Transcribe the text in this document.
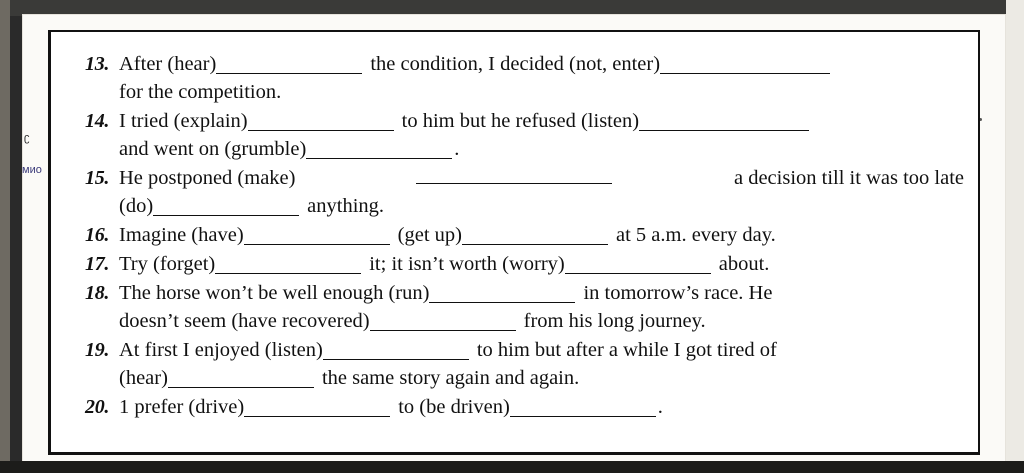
ʗ
мио
13. After (hear)	the condition, I decided (not, enter)
for the competition.
14. I tried (explain)	to him but he refused (listen)
and went on (grumble)	.
15. He postponed (make)	a decision till it was too late
(do)	anything.
16. Imagine (have)	(get up)	at 5 a.m. every day.
17. Try (forget)	it; it isn’t worth (worry)	about.
18. The horse won’t be well enough (run)	in tomorrow’s race. He
doesn’t seem (have recovered)	from his long journey.
19. At first I enjoyed (listen)	to him but after a while I got tired of
(hear)	the same story again and again.
20. 1 prefer (drive)	to (be driven)	.
